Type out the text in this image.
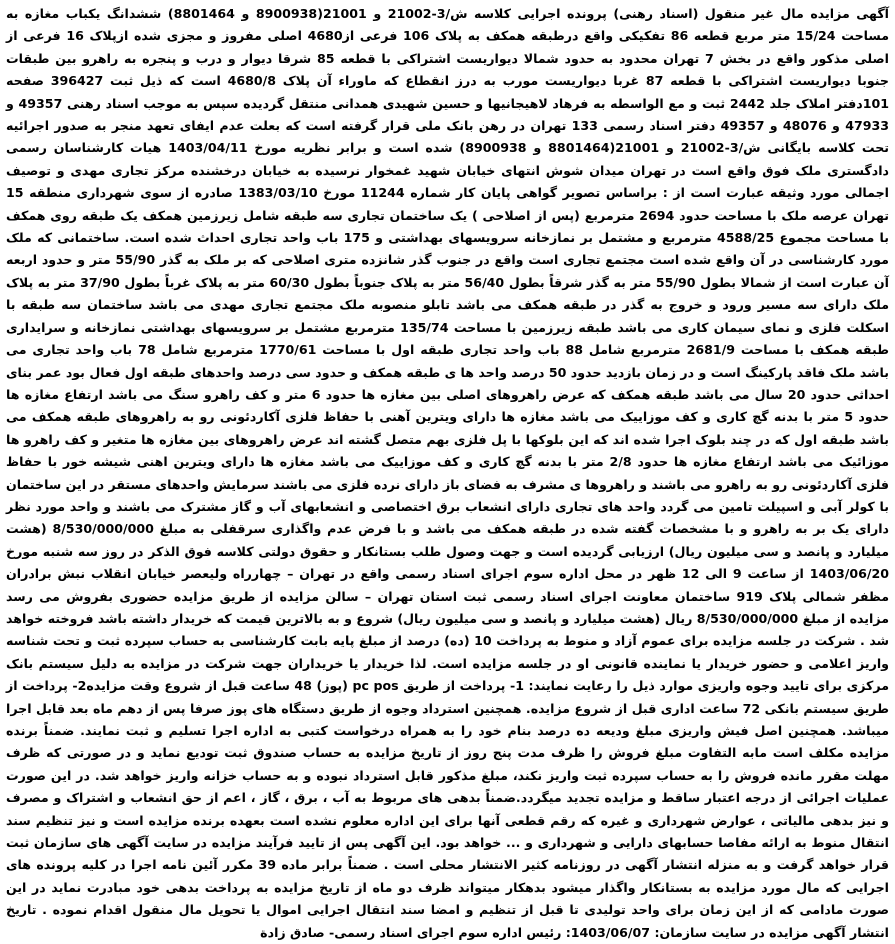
آگهی مزایده مال غیر منقول (اسناد رهنی) پرونده اجرایی کلاسه ش/3-21002 و 21001(8900938 و 8801464) ششدانگ یکباب مغازه به مساحت 15/24 متر مربع قطعه 86 تفکیکی واقع درطبقه همکف به پلاک 106 فرعی از4680 اصلی مفروز و مجزی شده ازپلاک 16 فرعی از اصلی مذکور واقع در بخش 7 تهران محدود به حدود شمالا دیواریست اشتراکی با قطعه 85 شرقا دیوار و درب و پنجره به راهرو بین طبقات جنوبا دیواریست اشتراکی با قطعه 87 غربا دیواریست مورب به درز انقطاع که ماوراء آن پلاک 4680/8 است که ذیل ثبت 396427 صفحه 101دفتر املاک جلد 2442 ثبت و مع الواسطه به فرهاد لاهیجانیها و حسین شهیدی همدانی منتقل گردیده سپس به موجب اسناد رهنی 49357 و 47933 و 48076 و 49357 دفتر اسناد رسمی 133 تهران در رهن بانک ملی قرار گرفته است که بعلت عدم ایفای تعهد منجر به صدور اجرائیه تحت کلاسه بایگانی ش/3-21002 و 21001(8801464 و 8900938) شده است و برابر نظریه مورخ 1403/04/11 هیات کارشناسان رسمی دادگستری ملک فوق واقع است در تهران میدان شوش انتهای خیابان شهید غمخوار نرسیده به خیابان درخشنده مرکز تجاری مهدی و توصیف اجمالی مورد وثیقه عبارت است از : براساس تصویر گواهی پایان کار شماره 11244 مورخ 1383/03/10 صادره از سوی شهرداری منطقه 15 تهران عرصه ملک با مساحت حدود 2694 مترمربع (پس از اصلاحی ) یک ساختمان تجاری سه طبقه شامل زیرزمین همکف یک طبقه روی همکف با مساحت مجموع 4588/25 مترمربع و مشتمل بر نمازخانه سرویسهای بهداشتی و 175 باب واحد تجاری احداث شده است. ساختمانی که ملک مورد کارشناسی در آن واقع شده است مجتمع تجاری است واقع در جنوب گذر شانزده متری اصلاحی که بر ملک به گذر 55/90 متر و حدود اربعه آن عبارت است از شمالا بطول 55/90 متر به گذر شرقاً بطول 56/40 متر به پلاک جنوباً بطول 60/30 متر به پلاک غرباً بطول 37/90 متر به پلاک ملک دارای سه مسیر ورود و خروج به گذر در طبقه همکف می باشد تابلو منصوبه ملک مجتمع تجاری مهدی می باشد ساختمان سه طبقه با اسکلت فلزی و نمای سیمان کاری می باشد طبقه زیرزمین با مساحت 135/74 مترمربع مشتمل بر سرویسهای بهداشتی نمازخانه و سرایداری طبقه همکف با مساحت 2681/9 مترمربع شامل 88 باب واحد تجاری طبقه اول با مساحت 1770/61 مترمربع شامل 78 باب واحد تجاری می باشد ملک فاقد پارکینگ است و در زمان بازدید حدود 50 درصد واحد ها ی طبقه همکف و حدود سی درصد واحدهای طبقه اول فعال بود عمر بنای احداثی حدود 20 سال می باشد طبقه همکف که عرض راهروهای اصلی بین مغازه ها حدود 6 متر و کف راهرو سنگ می باشد ارتفاع مغازه ها حدود 5 متر با بدنه گچ کاری و کف موزاییک می باشد مغازه ها دارای ویترین آهنی با حفاظ فلزی آکاردئونی رو به راهروهای طبقه همکف می باشد طبقه اول که در چند بلوک اجرا شده اند که این بلوکها با پل فلزی بهم متصل گشته اند عرض راهروهای بین مغازه ها متغیر و کف راهرو ها موزائیک می باشد ارتفاع مغازه ها حدود 2/8 متر با بدنه گچ کاری و کف موزاییک می باشد مغازه ها دارای ویترین اهنی شیشه خور با حفاظ فلزی آکاردئونی رو به راهرو می باشند و راهروها ی مشرف به فضای باز دارای نرده فلزی می باشند سرمایش واحدهای مستقر در این ساختمان با کولر آبی و اسپیلت تامین می گردد واحد های تجاری دارای انشعاب برق اختصاصی و انشعابهای آب و گاز مشترک می باشند و واحد مورد نظر دارای یک بر به راهرو و با مشخصات گفته شده در طبقه همکف می باشد و با فرض عدم واگذاری سرقفلی به مبلغ 8/530/000/000 (هشت میلیارد و پانصد و سی میلیون ریال) ارزیابی گردیده است و جهت وصول طلب بستانکار و حقوق دولتی کلاسه فوق الذکر در روز سه شنبه مورخ 1403/06/20 از ساعت 9 الی 12 ظهر در محل اداره سوم اجرای اسناد رسمی واقع در تهران – چهارراه ولیعصر خیابان انقلاب نبش برادران مظفر شمالی پلاک 919 ساختمان معاونت اجرای اسناد رسمی ثبت استان تهران – سالن مزایده از طریق مزایده حضوری بفروش می رسد مزایده از مبلغ 8/530/000/000 ریال (هشت میلیارد و پانصد و سی میلیون ریال) شروع و به بالاترین قیمت که خریدار داشته باشد فروخته خواهد شد . شرکت در جلسه مزایده برای عموم آزاد و منوط به پرداخت 10 (ده) درصد از مبلغ پایه بابت کارشناسی به حساب سپرده ثبت و تحت شناسه واریز اعلامی و حضور خریدار یا نماینده قانونی او در جلسه مزایده است. لذا خریدار یا خریداران جهت شرکت در مزایده به دلیل سیستم بانک مرکزی برای تایید وجوه واریزی موارد ذیل را رعایت نمایند: 1- پرداخت از طریق pc pos (پوز) 48 ساعت قبل از شروع وقت مزایده2- پرداخت از طریق سیستم بانکی 72 ساعت اداری قبل از شروع مزایده. همچنین استرداد وجوه از طریق دستگاه های پوز صرفا پس از دهم ماه بعد قابل اجرا میباشد. همچنین اصل فیش واریزی مبلغ ودیعه ده درصد بنام خود را به همراه درخواست کتبی به اداره اجرا تسلیم و ثبت نمایند. ضمناً برنده مزایده مکلف است مابه التفاوت مبلغ فروش را ظرف مدت پنج روز از تاریخ مزایده به حساب صندوق ثبت تودیع نماید و در صورتی که ظرف مهلت مقرر مانده فروش را به حساب سپرده ثبت واریز نکند، مبلغ مذکور قابل استرداد نبوده و به حساب خزانه واریز خواهد شد. در این صورت عملیات اجرائی از درجه اعتبار ساقط و مزایده تجدید میگردد.ضمناً بدهی های مربوط به آب ، برق ، گاز ، اعم از حق انشعاب و اشتراک و مصرف و نیز بدهی مالیاتی ، عوارض شهرداری و غیره که رقم قطعی آنها برای این اداره معلوم نشده است بعهده برنده مزایده است و نیز تنظیم سند انتقال منوط به ارائه مفاصا حسابهای دارایی و شهرداری و ... خواهد بود. این آگهی پس از تایید فرآیند مزایده در سایت آگهی های سازمان ثبت قرار خواهد گرفت و به منزله انتشار آگهی در روزنامه کثیر الانتشار محلی است . ضمناً برابر ماده 39 مکرر آئین نامه اجرا در کلیه پرونده های اجرایی که مال مورد مزایده به بستانکار واگذار میشود بدهکار میتواند ظرف دو ماه از تاریخ مزایده به پرداخت بدهی خود مبادرت نماید در این صورت مادامی که از این زمان برای واحد تولیدی تا قبل از تنظیم و امضا سند انتقال اجرایی اموال یا تحویل مال منقول اقدام نموده . تاریخ انتشار آگهی مزایده در سایت سازمان: 1403/06/07: رئیس اداره سوم اجرای اسناد رسمی- صادق زادة
